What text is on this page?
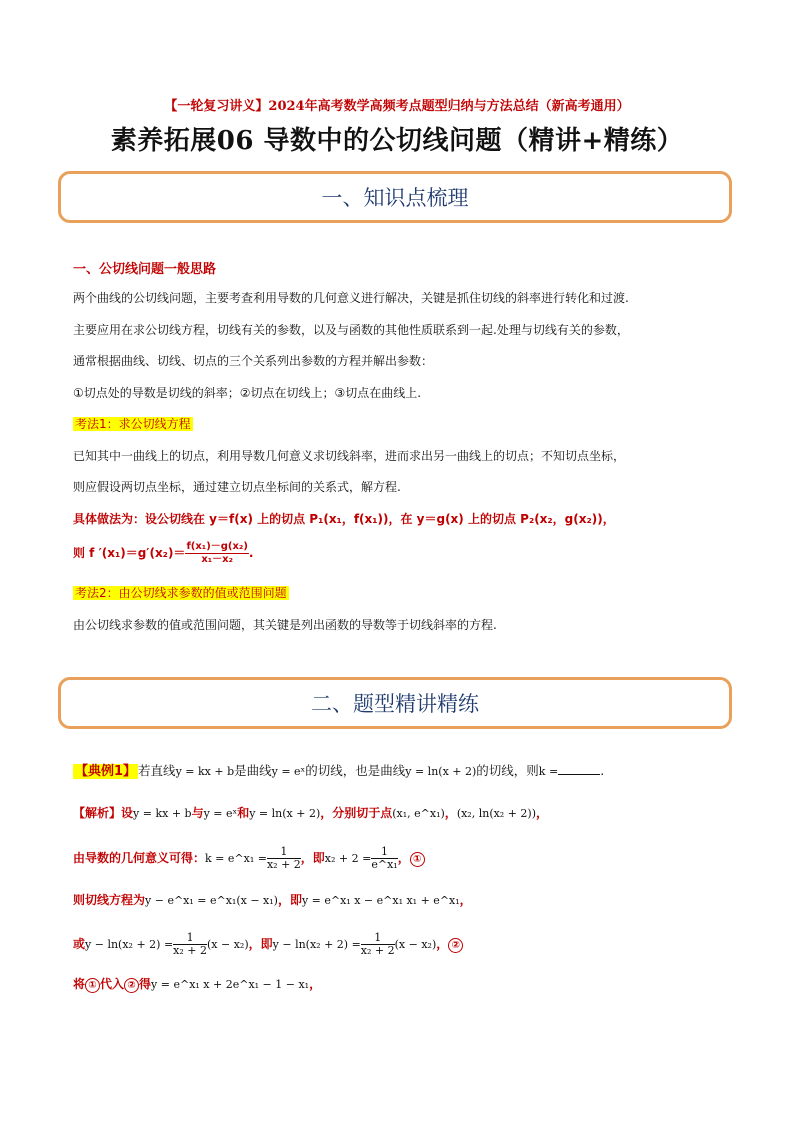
【一轮复习讲义】2024年高考数学高频考点题型归纳与方法总结（新高考通用）
素养拓展06 导数中的公切线问题（精讲+精练）
一、知识点梳理
一、公切线问题一般思路
两个曲线的公切线问题，主要考查利用导数的几何意义进行解决，关键是抓住切线的斜率进行转化和过渡.
主要应用在求公切线方程，切线有关的参数，以及与函数的其他性质联系到一起.处理与切线有关的参数，
通常根据曲线、切线、切点的三个关系列出参数的方程并解出参数：
①切点处的导数是切线的斜率；②切点在切线上；③切点在曲线上.
考法1：求公切线方程
已知其中一曲线上的切点，利用导数几何意义求切线斜率，进而求出另一曲线上的切点；不知切点坐标，
则应假设两切点坐标，通过建立切点坐标间的关系式，解方程.
具体做法为：设公切线在 y＝f(x) 上的切点 P₁(x₁，f(x₁))，在 y＝g(x) 上的切点 P₂(x₂，g(x₂))，
则 f $'(x_1)=g'(x_2)= \frac{\text{f(x₁)－g(x₂)}}{\text{x₁－x₂}}$ .
考法2：由公切线求参数的值或范围问题
由公切线求参数的值或范围问题，其关键是列出函数的导数等于切线斜率的方程.
二、题型精讲精练
【典例1】 若直线y = kx + b是曲线y = eˣ的切线，也是曲线y = ln(x + 2)的切线，则k =	.
【解析】设y = kx + b与y = eˣ和y = ln(x + 2)，分别切于点(x₁, e^x₁)，(x₂, ln(x₂ + 2))，
由导数的几何意义可得：k = e^x₁ = $\frac{1}{\text{x₂ + 2}}$ ，即$x_2 + 2 = \frac{1}{\text{e\textasciicircum{}x₁}}$ ， ①
则切线方程为y − e^x₁ = e^x₁(x − x₁)，即y = e^x₁ x − e^x₁ x₁ + e^x₁，
或$y - \ln(x_2 + 2) = \frac{1}{\text{x₂ + 2}} (x - x_2)$，即$y - \ln(x_2 + 2) = \frac{1}{\text{x₂ + 2}} (x - x_2)$， ②
将 ① 代入 ② 得y = e^x₁ x + 2e^x₁ − 1 − x₁，
